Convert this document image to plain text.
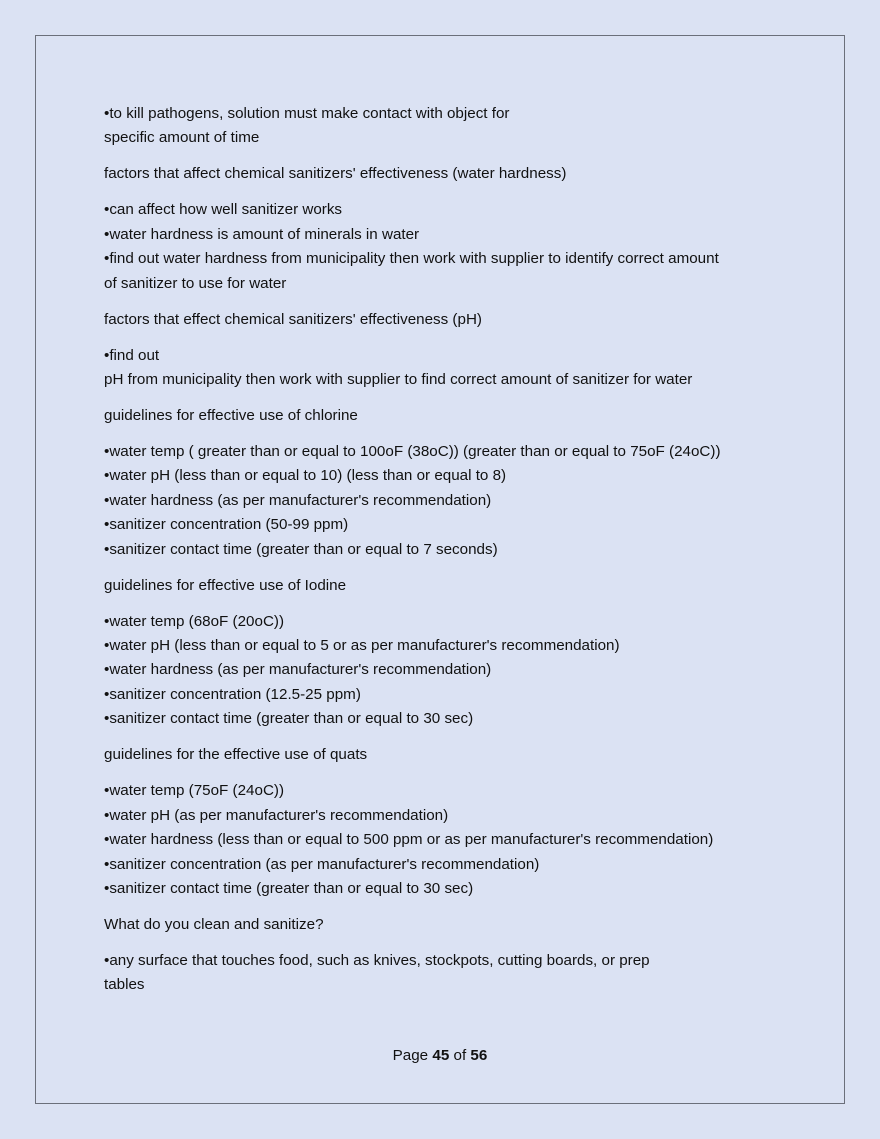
•to kill pathogens, solution must make contact with object for
specific amount of time
factors that affect chemical sanitizers' effectiveness (water hardness)
•can affect how well sanitizer works
•water hardness is amount of minerals in water
•find out water hardness from municipality then work with supplier to identify correct amount
of sanitizer to use for water
factors that effect chemical sanitizers' effectiveness (pH)
•find out
pH from municipality then work with supplier to find correct amount of sanitizer for water
guidelines for effective use of chlorine
•water temp ( greater than or equal to 100oF (38oC)) (greater than or equal to 75oF (24oC))
•water pH (less than or equal to 10) (less than or equal to 8)
•water hardness (as per manufacturer's recommendation)
•sanitizer concentration (50-99 ppm)
•sanitizer contact time (greater than or equal to 7 seconds)
guidelines for effective use of Iodine
•water temp (68oF (20oC))
•water pH (less than or equal to 5 or as per manufacturer's recommendation)
•water hardness (as per manufacturer's recommendation)
•sanitizer concentration (12.5-25 ppm)
•sanitizer contact time (greater than or equal to 30 sec)
guidelines for the effective use of quats
•water temp (75oF (24oC))
•water pH (as per manufacturer's recommendation)
•water hardness (less than or equal to 500 ppm or as per manufacturer's recommendation)
•sanitizer concentration (as per manufacturer's recommendation)
•sanitizer contact time (greater than or equal to 30 sec)
What do you clean and sanitize?
•any surface that touches food, such as knives, stockpots, cutting boards, or prep
tables
Page 45 of 56
